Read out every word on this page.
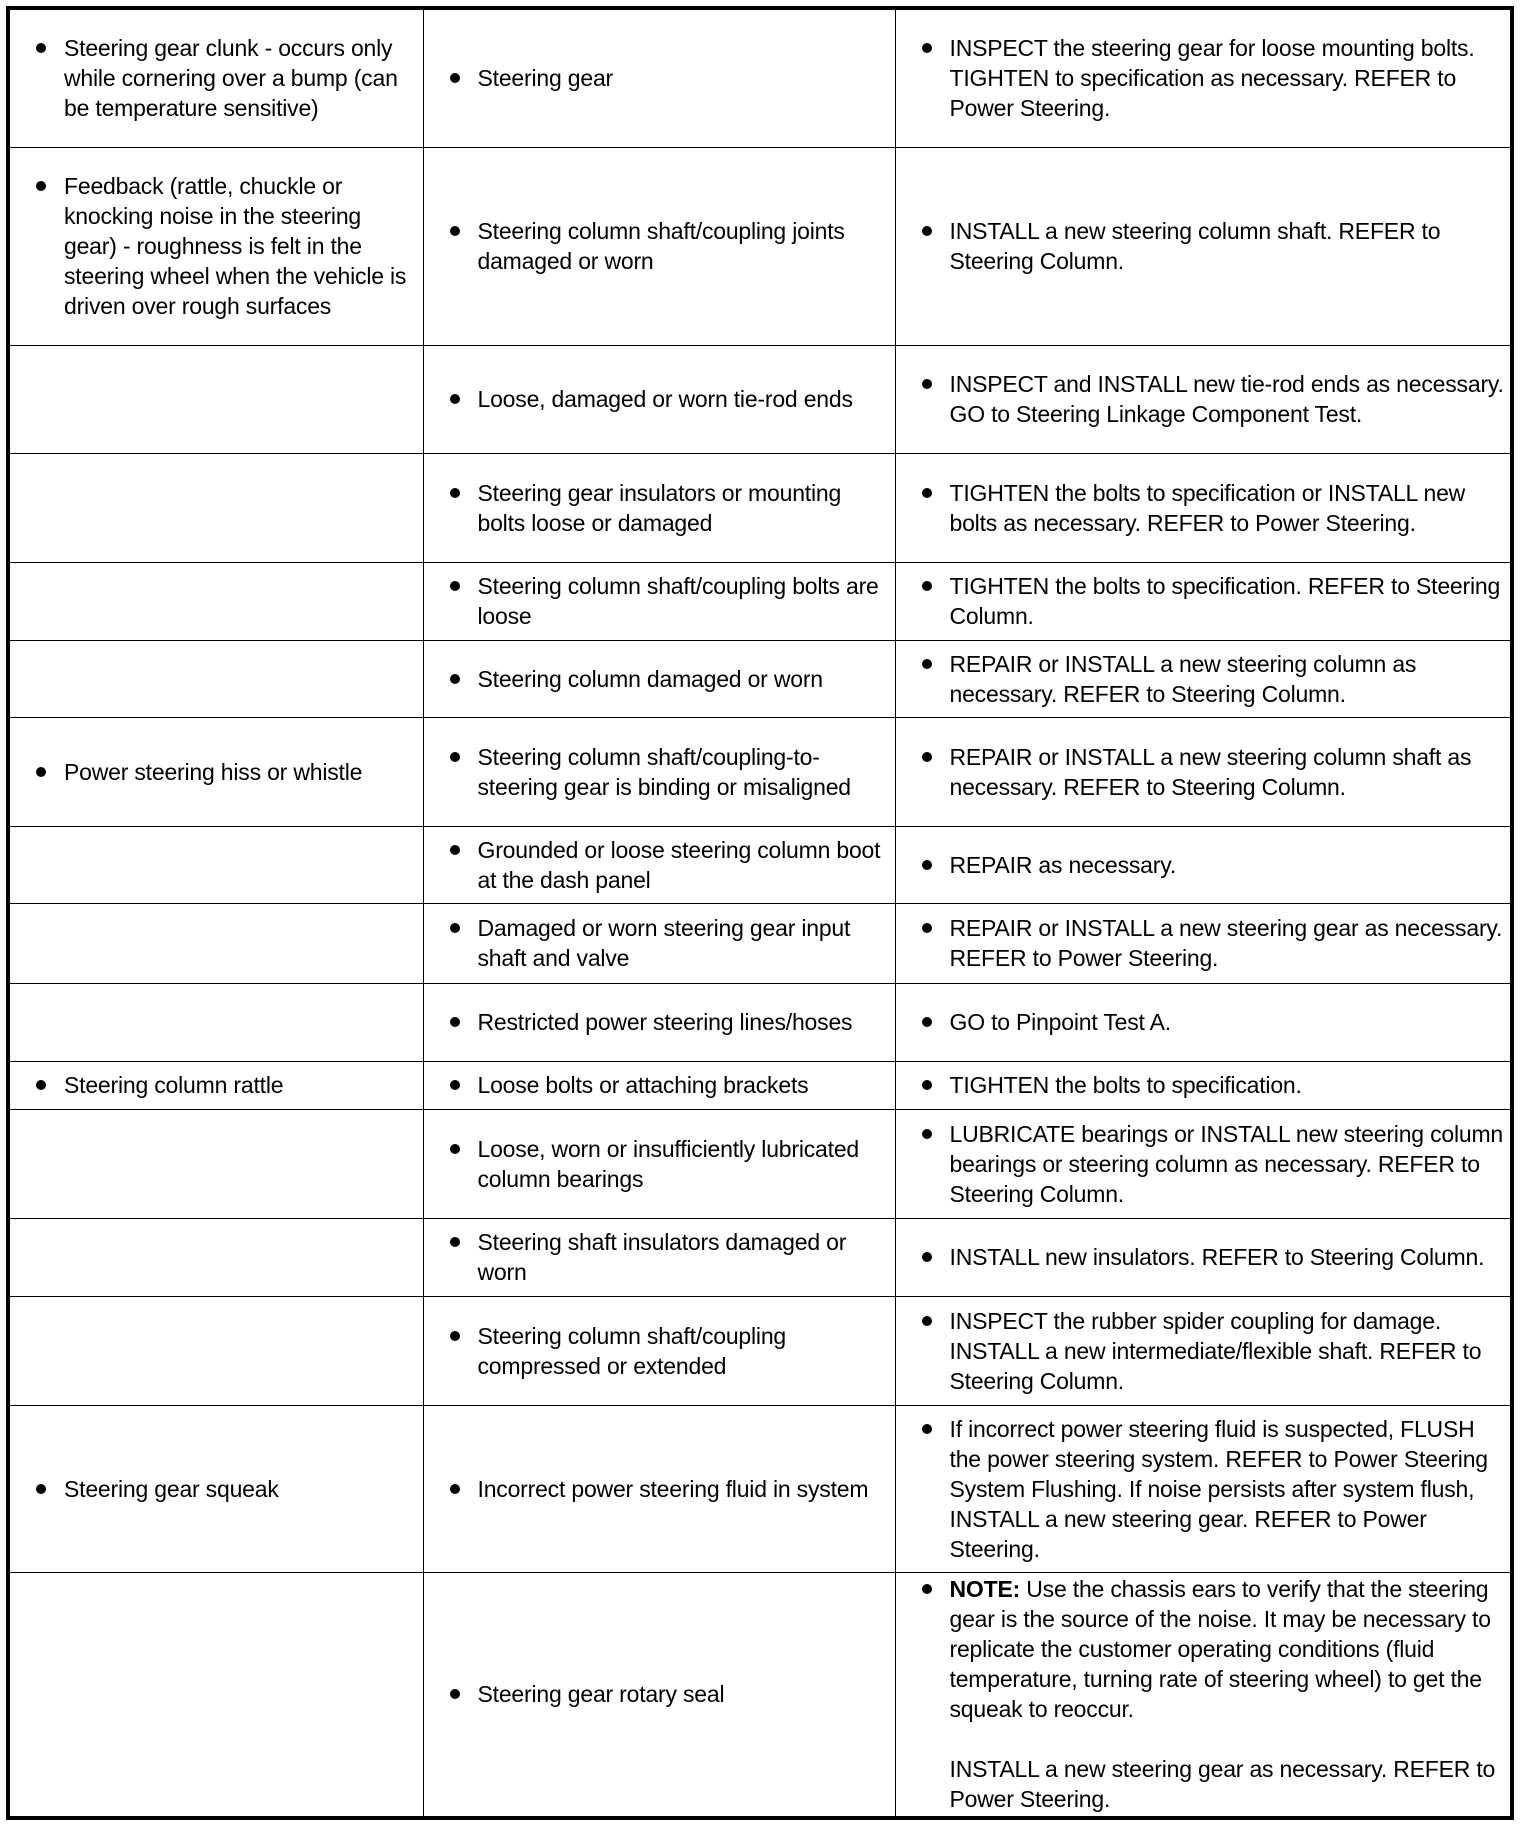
Steering gear clunk - occurs only while cornering over a bump (can be temperature sensitive)	Steering gear	INSPECT the steering gear for loose mounting bolts. TIGHTEN to specification as necessary. REFER to Power Steering.

Feedback (rattle, chuckle or knocking noise in the steering gear) - roughness is felt in the steering wheel when the vehicle is driven over rough surfaces	Steering column shaft/coupling joints damaged or worn	INSTALL a new steering column shaft. REFER to Steering Column.

	Loose, damaged or worn tie-rod ends	INSPECT and INSTALL new tie-rod ends as necessary. GO to Steering Linkage Component Test.

	Steering gear insulators or mounting bolts loose or damaged	TIGHTEN the bolts to specification or INSTALL new bolts as necessary. REFER to Power Steering.

	Steering column shaft/coupling bolts are loose	TIGHTEN the bolts to specification. REFER to Steering Column.

	Steering column damaged or worn	REPAIR or INSTALL a new steering column as necessary. REFER to Steering Column.

Power steering hiss or whistle	Steering column shaft/coupling-to-steering gear is binding or misaligned	REPAIR or INSTALL a new steering column shaft as necessary. REFER to Steering Column.

	Grounded or loose steering column boot at the dash panel	REPAIR as necessary.

	Damaged or worn steering gear input shaft and valve	REPAIR or INSTALL a new steering gear as necessary. REFER to Power Steering.

	Restricted power steering lines/hoses	GO to Pinpoint Test A.

Steering column rattle	Loose bolts or attaching brackets	TIGHTEN the bolts to specification.

	Loose, worn or insufficiently lubricated column bearings	LUBRICATE bearings or INSTALL new steering column bearings or steering column as necessary. REFER to Steering Column.

	Steering shaft insulators damaged or worn	INSTALL new insulators. REFER to Steering Column.

	Steering column shaft/coupling compressed or extended	INSPECT the rubber spider coupling for damage. INSTALL a new intermediate/flexible shaft. REFER to Steering Column.

Steering gear squeak	Incorrect power steering fluid in system	If incorrect power steering fluid is suspected, FLUSH the power steering system. REFER to Power Steering System Flushing. If noise persists after system flush, INSTALL a new steering gear. REFER to Power Steering.

	Steering gear rotary seal	NOTE: Use the chassis ears to verify that the steering gear is the source of the noise. It may be necessary to replicate the customer operating conditions (fluid temperature, turning rate of steering wheel) to get the squeak to reoccur.
INSTALL a new steering gear as necessary. REFER to Power Steering.
